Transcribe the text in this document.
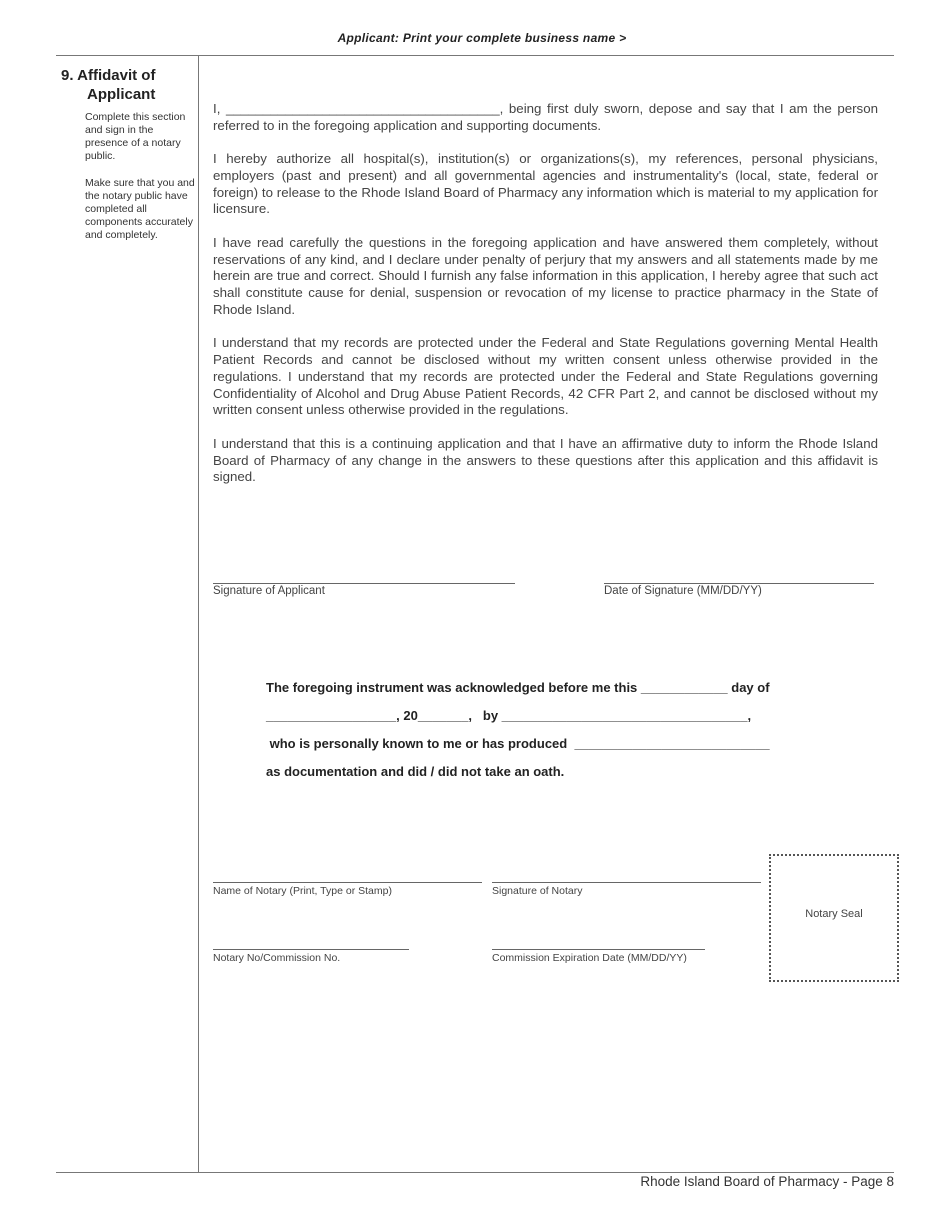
Applicant: Print your complete business name >
9. Affidavit of
Applicant
Complete this section and sign in the presence of a notary public.
Make sure that you and the notary public have completed all components accurately and completely.

I, _____________________________________, being first duly sworn, depose and say that I am the person referred to in the foregoing application and supporting documents.

I hereby authorize all hospital(s), institution(s) or organizations(s), my references, personal physicians, employers (past and present) and all governmental agencies and instrumentality's (local, state, federal or foreign) to release to the Rhode Island Board of Pharmacy any information which is material to my application for licensure.

I have read carefully the questions in the foregoing application and have answered them completely, without reservations of any kind, and I declare under penalty of perjury that my answers and all statements made by me herein are true and correct. Should I furnish any false information in this application, I hereby agree that such act shall constitute cause for denial, suspension or revocation of my license to practice pharmacy in the State of Rhode Island.

I understand that my records are protected under the Federal and State Regulations governing Mental Health Patient Records and cannot be disclosed without my written consent unless otherwise provided in the regulations. I understand that my records are protected under the Federal and State Regulations governing Confidentiality of Alcohol and Drug Abuse Patient Records, 42 CFR Part 2, and cannot be disclosed without my written consent unless otherwise provided in the regulations.

I understand that this is a continuing application and that I have an affirmative duty to inform the Rhode Island Board of Pharmacy of any change in the answers to these questions after this application and this affidavit is signed.

Signature of Applicant	Date of Signature (MM/DD/YY)
The foregoing instrument was acknowledged before me this ____________ day of
__________________, 20_______,   by __________________________________,
who is personally known to me or has produced  ___________________________
as documentation and did / did not take an oath.
Name of Notary (Print, Type or Stamp)	Signature of Notary
Notary No/Commission No.	Commission Expiration Date (MM/DD/YY)
Notary Seal
Rhode Island Board of Pharmacy - Page 8
